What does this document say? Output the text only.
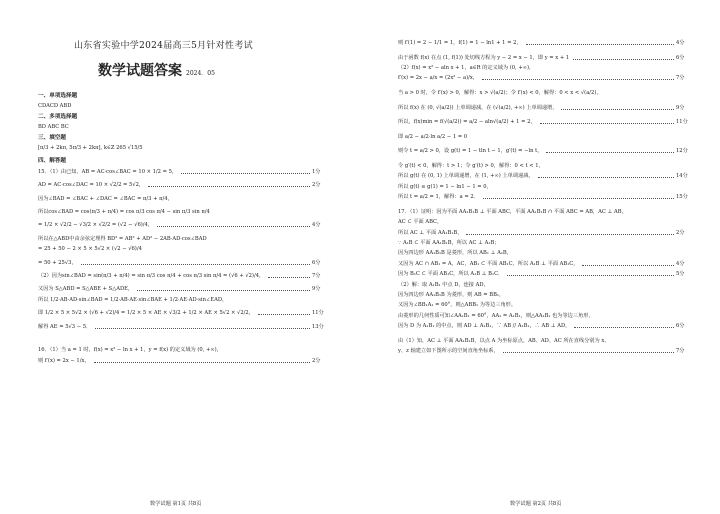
山东省实验中学2024届高三5月针对性考试
数学试题答案 2024．05
一、单项选择题
CDACD ABD
二、多项选择题
BD ABC BC
三、填空题
[π/3 + 2kπ, 5π/3 + 2kπ], k∈Z 265 √15/5
四、解答题
15．（1）由已知，AB = AC·cos∠BAC = 10 × 1/2 = 5，	1分
AD = AC·cos∠DAC = 10 × √2/2 = 5√2，	2分
因为∠BAD = ∠BAC + ∠DAC = ∠BAC = π/3 + π/4，
所以cos∠BAD = cos(π/3 + π/4) = cos π/3 cos π/4 − sin π/3 sin π/4
= 1/2 × √2/2 − √3/2 × √2/2 = (√2 − √6)/4，	4分
所以在△ABD中由余弦定理得 BD² = AB² + AD² − 2AB·AD·cos∠BAD
= 25 + 50 − 2 × 5 × 5√2 × (√2 − √6)/4
= 50 + 25√3，	6分
（2）因为sin∠BAD = sin(π/3 + π/4) = sin π/3 cos π/4 + cos π/3 sin π/4 = (√6 + √2)/4，	7分
又因为 S△ABD = S△ABE + S△ADE，	9分
所以 1/2·AB·AD·sin∠BAD = 1/2·AB·AE·sin∠BAE + 1/2·AE·AD·sin∠EAD，
即 1/2 × 5 × 5√2 × (√6 + √2)/4 = 1/2 × 5 × AE × √3/2 + 1/2 × AE × 5√2 × √2/2，	11分
解得 AE = 5√3 − 5．	13分
16．（1）当 a = 1 时，f(x) = x² − ln x + 1，y = f(x) 的定义域为 (0, +∞)，
则 f′(x) = 2x − 1/x，	2分
数学试题 第1页 共8页
则 f′(1) = 2 − 1/1 = 1，f(1) = 1 − ln1 + 1 = 2，	4分
由于函数 f(x) 在点 (1, f(1)) 处切线方程为 y − 2 = x − 1，即 y = x + 1	6分
（2）f(x) = x² − aln x + 1，a∈R 的定义域为 (0, +∞)，
f′(x) = 2x − a/x = (2x² − a)/x，	7分
当 a > 0 时，令 f′(x) > 0，解得：x > √(a/2)；令 f′(x) < 0，解得：0 < x < √(a/2)，
所以 f(x) 在 (0, √(a/2)) 上单调递减，在 (√(a/2), +∞) 上单调递增，	9分
所以，f(x)min = f(√(a/2)) = a/2 − aln√(a/2) + 1 = 2，	11分
即 a/2 − a/2·ln a/2 − 1 = 0
则令 t = a/2 > 0，设 g(t) = 1 − tln t − 1，g′(t) = −ln t，	12分
令 g′(t) < 0，解得：t > 1；令 g′(t) > 0，解得：0 < t < 1，
所以 g(t) 在 (0, 1) 上单调递增，在 (1, +∞) 上单调递减，	14分
所以 g(t) ≤ g(1) = 1 − ln1 − 1 = 0，
所以 t = a/2 = 1，解得：a = 2．	15分
17．（1）证明：因为平面 AA₁B₁B ⊥ 平面 ABC，平面 AA₁B₁B ∩ 平面 ABC = AB，AC ⊥ AB，
AC ⊂ 平面 ABC，
所以 AC ⊥ 平面 AA₁B₁B，	2分
∵ A₁B ⊂ 平面 AA₁B₁B，所以 AC ⊥ A₁B；
因为四边形 AA₁B₁B 是菱形，所以 AB₁ ⊥ A₁B，
又因为 AC ∩ AB₁ = A，AC，AB₁ ⊂ 平面 AB₁C，所以 A₁B ⊥ 平面 AB₁C，	4分
因为 B₁C ⊂ 平面 AB₁C，所以 A₁B ⊥ B₁C．	5分
（2）解：取 A₁B₁ 中点 D，连接 AD，
因为四边形 AA₁B₁B 为菱形，则 AB = BB₁，
又因为∠BB₁A₁ = 60°，则△ABB₁ 为等边三角形。
由菱形的几何性质可知∠AA₁B₁ = 60°，AA₁ = A₁B₁，则△AA₁B₁ 也为等边三角形，
因为 D 为 A₁B₁ 的中点，则 AD ⊥ A₁B₁，∵ AB // A₁B₁，∴ AB ⊥ AD，	6分
由（1）知，AC ⊥ 平面 AA₁B₁B，以点 A 为坐标原点，AB、AD、AC 所在直线分别为 x、
y、z 轴建立如下图所示的空间直角坐标系，	7分
数学试题 第2页 共8页
